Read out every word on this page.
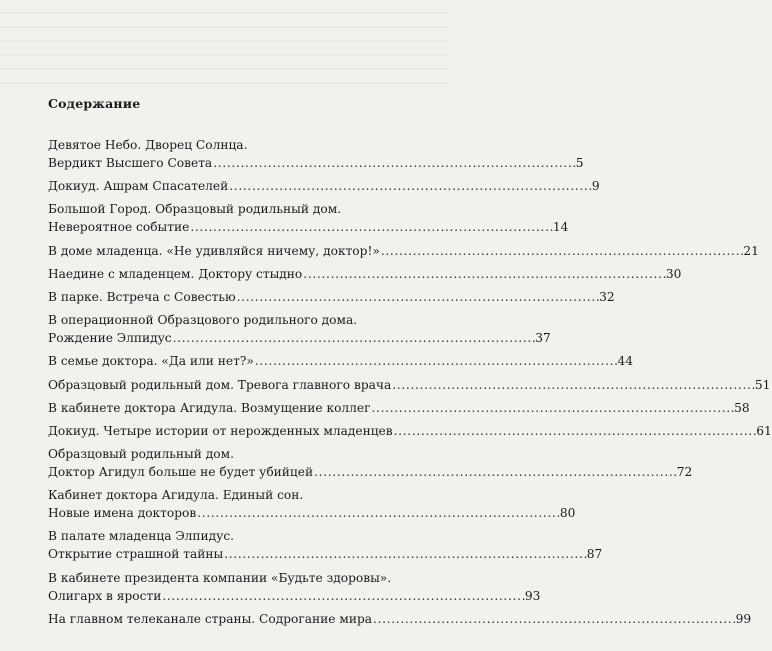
Содержание
Девятое Небо. Дворец Солнца.
Вердикт Высшего Совета . . .	5
Докиуд. Ашрам Спасателей . . .	9
Большой Город. Образцовый родильный дом.
Невероятное событие . . .	14
В доме младенца. «Не удивляйся ничему, доктор!» . . .	21
Наедине с младенцем. Доктору стыдно . . .	30
В парке. Встреча с Совестью . . .	32
В операционной Образцового родильного дома.
Рождение Элпидус . . .	37
В семье доктора. «Да или нет?» . . .	44
Образцовый родильный дом. Тревога главного врача . . .	51
В кабинете доктора Агидула. Возмущение коллег . . .	58
Докиуд. Четыре истории от нерожденных младенцев . . .	61
Образцовый родильный дом.
Доктор Агидул больше не будет убийцей . . .	72
Кабинет доктора Агидула. Единый сон.
Новые имена докторов . . .	80
В палате младенца Элпидус.
Открытие страшной тайны . . .	87
В кабинете президента компании «Будьте здоровы».
Олигарх в ярости . . .	93
На главном телеканале страны. Содрогание мира . . .	99
